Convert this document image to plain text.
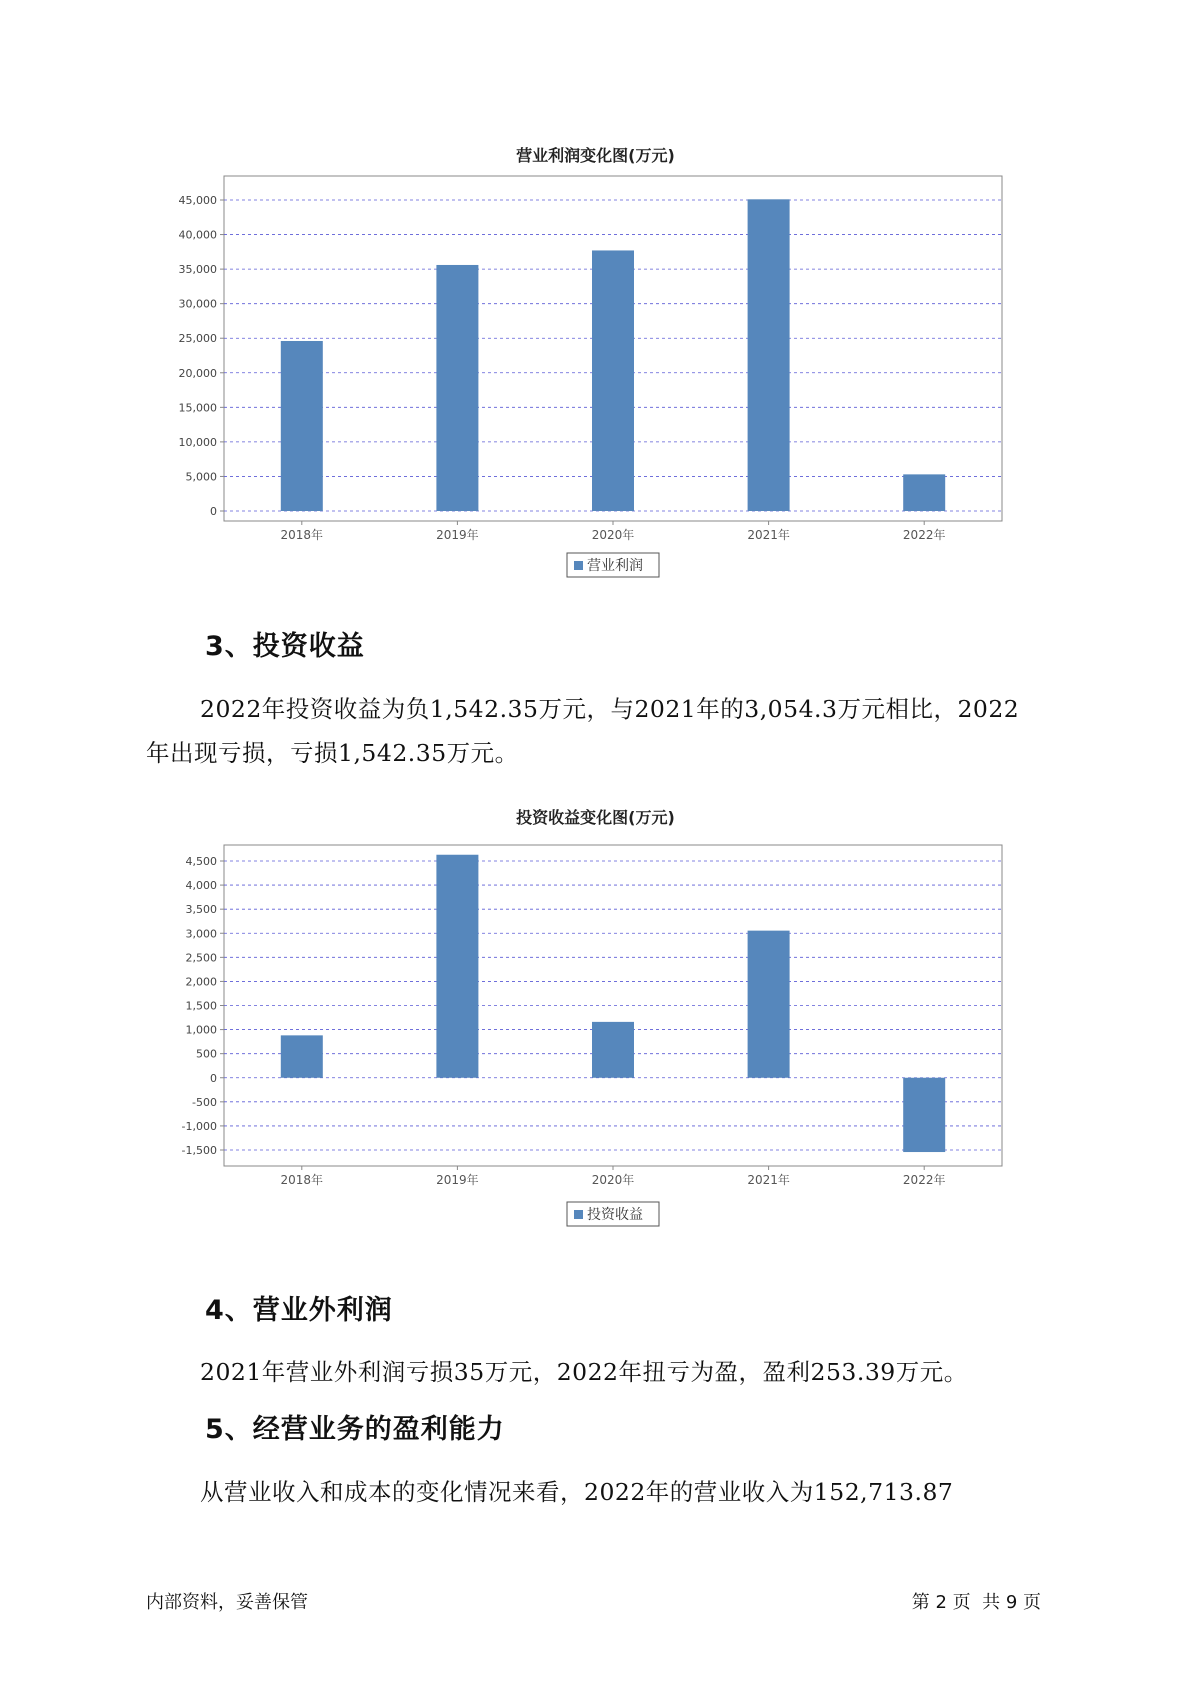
营业利润变化图(万元)
0
5,000
10,000
15,000
20,000
25,000
30,000
35,000
40,000
45,000
2018年	2019年	2020年	2021年	2022年
营业利润
3、投资收益
2022年投资收益为负1,542.35万元，与2021年的3,054.3万元相比，2022
年出现亏损，亏损1,542.35万元。
投资收益变化图(万元)
-1,500
-1,000
-500
0
500
1,000
1,500
2,000
2,500
3,000
3,500
4,000
4,500
2018年	2019年	2020年	2021年	2022年
投资收益
4、营业外利润
2021年营业外利润亏损35万元，2022年扭亏为盈，盈利253.39万元。
5、经营业务的盈利能力
从营业收入和成本的变化情况来看，2022年的营业收入为152,713.87
内部资料，妥善保管	第 2 页  共 9 页
